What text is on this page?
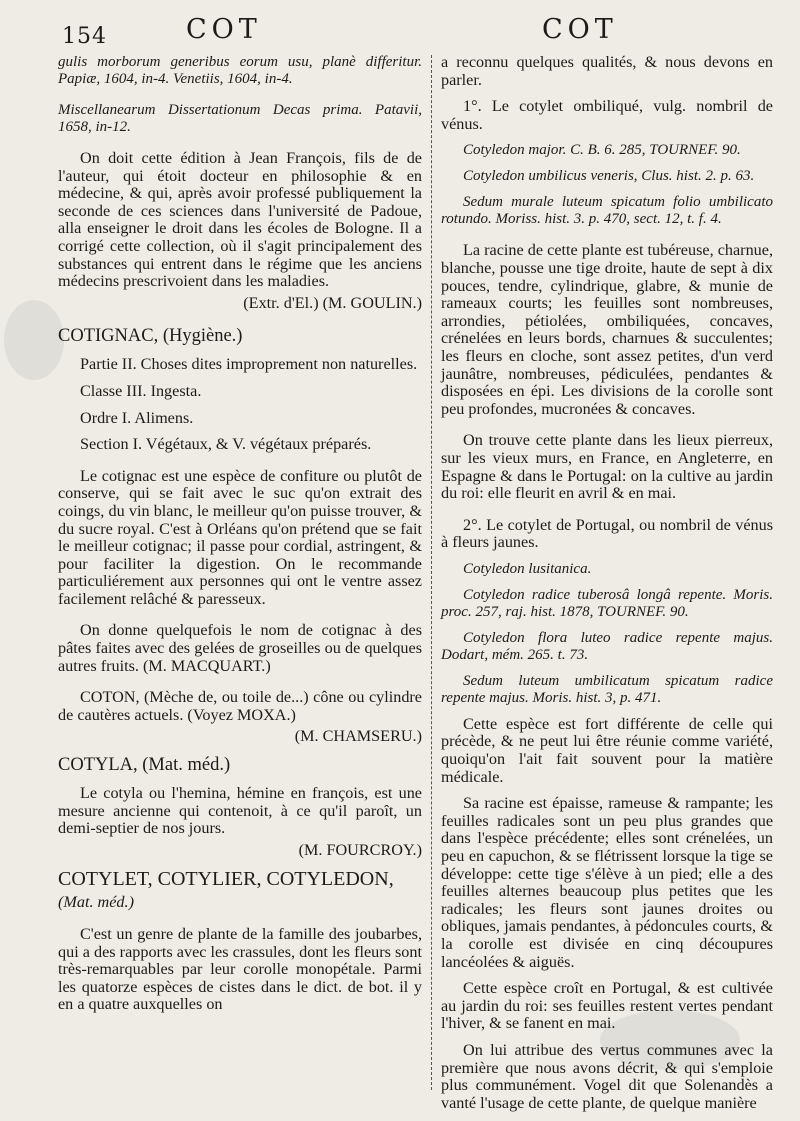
154	COT	COT

gulis morborum generibus eorum usu, planè differitur. Papiæ, 1604, in-4. Venetiis, 1604, in-4.

Miscellanearum Dissertationum Decas prima. Patavii, 1658, in-12.

On doit cette édition à Jean François, fils de de l'auteur, qui étoit docteur en philosophie & en médecine, & qui, après avoir professé publiquement la seconde de ces sciences dans l'université de Padoue, alla enseigner le droit dans les écoles de Bologne. Il a corrigé cette collection, où il s'agit principalement des substances qui entrent dans le régime que les anciens médecins prescrivoient dans les maladies.

(Extr. d'El.) (M. GOULIN.)

COTIGNAC, (Hygiène.)

Partie II. Choses dites improprement non naturelles.

Classe III. Ingesta.

Ordre I. Alimens.

Section I. Végétaux, & V. végétaux préparés.

Le cotignac est une espèce de confiture ou plutôt de conserve, qui se fait avec le suc qu'on extrait des coings, du vin blanc, le meilleur qu'on puisse trouver, & du sucre royal. C'est à Orléans qu'on prétend que se fait le meilleur cotignac; il passe pour cordial, astringent, & pour faciliter la digestion. On le recommande particuliérement aux personnes qui ont le ventre assez facilement relâché & paresseux.

On donne quelquefois le nom de cotignac à des pâtes faites avec des gelées de groseilles ou de quelques autres fruits. (M. MACQUART.)

COTON, (Mèche de, ou toile de...) cône ou cylindre de cautères actuels. (Voyez MOXA.)

(M. CHAMSERU.)

COTYLA, (Mat. méd.)

Le cotyla ou l'hemina, hémine en françois, est une mesure ancienne qui contenoit, à ce qu'il paroît, un demi-septier de nos jours.

(M. FOURCROY.)

COTYLET, COTYLIER, COTYLEDON,

(Mat. méd.)

C'est un genre de plante de la famille des joubarbes, qui a des rapports avec les crassules, dont les fleurs sont très-remarquables par leur corolle monopétale. Parmi les quatorze espèces de cistes dans le dict. de bot. il y en a quatre auxquelles on

a reconnu quelques qualités, & nous devons en parler.

1°. Le cotylet ombiliqué, vulg. nombril de vénus.

Cotyledon major. C. B. 6. 285, TOURNEF. 90.

Cotyledon umbilicus veneris, Clus. hist. 2. p. 63.

Sedum murale luteum spicatum folio umbilicato rotundo. Moriss. hist. 3. p. 470, sect. 12, t. f. 4.

La racine de cette plante est tubéreuse, charnue, blanche, pousse une tige droite, haute de sept à dix pouces, tendre, cylindrique, glabre, & munie de rameaux courts; les feuilles sont nombreuses, arrondies, pétiolées, ombiliquées, concaves, crénelées en leurs bords, charnues & succulentes; les fleurs en cloche, sont assez petites, d'un verd jaunâtre, nombreuses, pédiculées, pendantes & disposées en épi. Les divisions de la corolle sont peu profondes, mucronées & concaves.

On trouve cette plante dans les lieux pierreux, sur les vieux murs, en France, en Angleterre, en Espagne & dans le Portugal: on la cultive au jardin du roi: elle fleurit en avril & en mai.

2°. Le cotylet de Portugal, ou nombril de vénus à fleurs jaunes.

Cotyledon lusitanica.

Cotyledon radice tuberosâ longâ repente. Moris. proc. 257, raj. hist. 1878, TOURNEF. 90.

Cotyledon flora luteo radice repente majus. Dodart, mém. 265. t. 73.

Sedum luteum umbilicatum spicatum radice repente majus. Moris. hist. 3, p. 471.

Cette espèce est fort différente de celle qui précède, & ne peut lui être réunie comme variété, quoiqu'on l'ait fait souvent pour la matière médicale.

Sa racine est épaisse, rameuse & rampante; les feuilles radicales sont un peu plus grandes que dans l'espèce précédente; elles sont crénelées, un peu en capuchon, & se flétrissent lorsque la tige se développe: cette tige s'élève à un pied; elle a des feuilles alternes beaucoup plus petites que les radicales; les fleurs sont jaunes droites ou obliques, jamais pendantes, à pédoncules courts, & la corolle est divisée en cinq découpures lancéolées & aiguës.

Cette espèce croît en Portugal, & est cultivée au jardin du roi: ses feuilles restent vertes pendant l'hiver, & se fanent en mai.

On lui attribue des vertus communes avec la première que nous avons décrit, & qui s'emploie plus communément. Vogel dit que Solenandès a vanté l'usage de cette plante, de quelque manière
